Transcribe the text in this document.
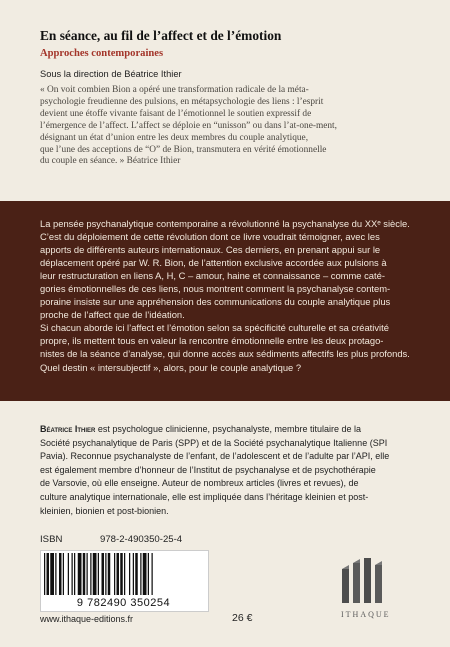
En séance, au fil de l’affect et de l’émotion
Approches contemporaines
Sous la direction de Béatrice Ithier
« On voit combien Bion a opéré une transformation radicale de la méta-
psychologie freudienne des pulsions, en métapsychologie des liens : l’esprit
devient une étoffe vivante faisant de l’émotionnel le soutien expressif de
l’émergence de l’affect. L’affect se déploie en “unisson” ou dans l’at-one-ment,
désignant un état d’union entre les deux membres du couple analytique,
que l’une des acceptions de “O” de Bion, transmutera en vérité émotionnelle
du couple en séance. » Béatrice Ithier
La pensée psychanalytique contemporaine a révolutionné la psychanalyse du XXᵉ siècle.
C’est du déploiement de cette révolution dont ce livre voudrait témoigner, avec les
apports de différents auteurs internationaux. Ces derniers, en prenant appui sur le
déplacement opéré par W. R. Bion, de l’attention exclusive accordée aux pulsions à
leur restructuration en liens A, H, C – amour, haine et connaissance – comme caté-
gories émotionnelles de ces liens, nous montrent comment la psychanalyse contem-
poraine insiste sur une appréhension des communications du couple analytique plus
proche de l’affect que de l’idéation.
Si chacun aborde ici l’affect et l’émotion selon sa spécificité culturelle et sa créativité
propre, ils mettent tous en valeur la rencontre émotionnelle entre les deux protago-
nistes de la séance d’analyse, qui donne accès aux sédiments affectifs les plus profonds.
Quel destin « intersubjectif », alors, pour le couple analytique ?
Béatrice Ithier est psychologue clinicienne, psychanalyste, membre titulaire de la
Société psychanalytique de Paris (SPP) et de la Société psychanalytique Italienne (SPI
Pavia). Reconnue psychanalyste de l’enfant, de l’adolescent et de l’adulte par l’API, elle
est également membre d’honneur de l’Institut de psychanalyse et de psychothérapie
de Varsovie, où elle enseigne. Auteur de nombreux articles (livres et revues), de
culture analytique internationale, elle est impliquée dans l’héritage kleinien et post-
kleinien, bionien et post-bionien.
ISBN	978-2-490350-25-4
9 782490 350254
www.ithaque-editions.fr	26 €	ITHAQUE
